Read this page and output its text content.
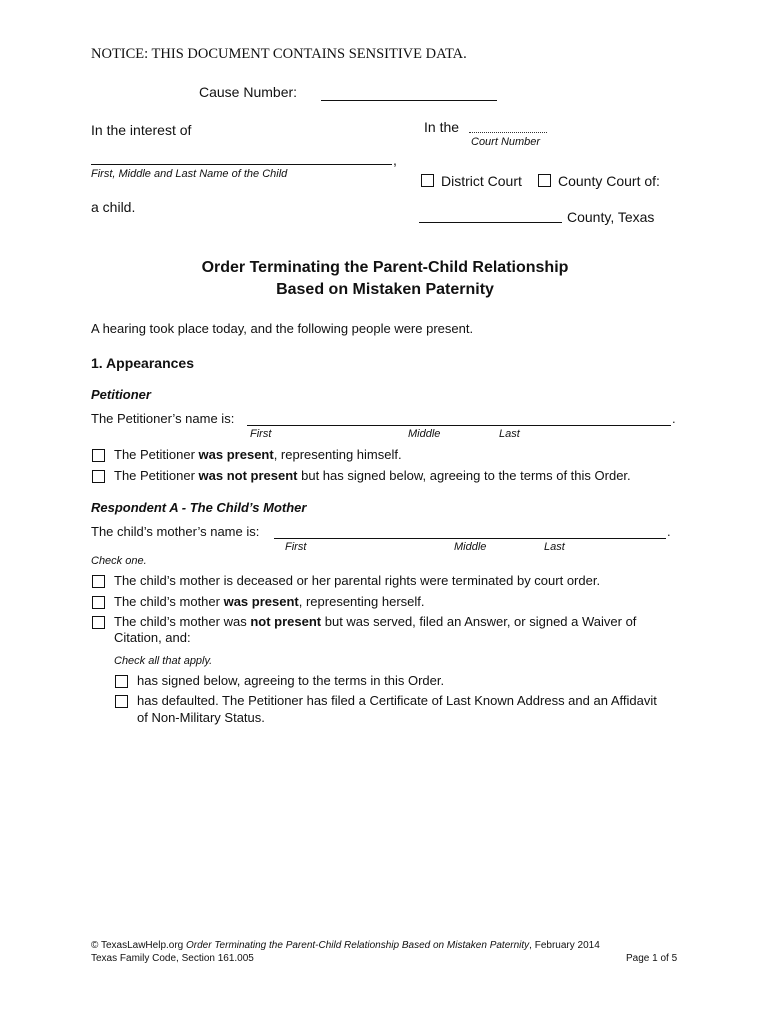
NOTICE: THIS DOCUMENT CONTAINS SENSITIVE DATA.
Cause Number:
In the interest of
,
First, Middle and Last Name of the Child
a child.
In the
Court Number
District Court	County Court of:
County, Texas
Order Terminating the Parent-Child Relationship
Based on Mistaken Paternity
A hearing took place today, and the following people were present.
1. Appearances
Petitioner
The Petitioner’s name is:	.
First	Middle	Last
The Petitioner was present, representing himself.
The Petitioner was not present but has signed below, agreeing to the terms of this Order.
Respondent A - The Child’s Mother
The child’s mother’s name is:	.
First	Middle	Last
Check one.
The child’s mother is deceased or her parental rights were terminated by court order.
The child’s mother was present, representing herself.
The child’s mother was not present but was served, filed an Answer, or signed a Waiver of
Citation, and:
Check all that apply.
has signed below, agreeing to the terms in this Order.
has defaulted. The Petitioner has filed a Certificate of Last Known Address and an Affidavit
of Non-Military Status.
© TexasLawHelp.org Order Terminating the Parent-Child Relationship Based on Mistaken Paternity, February 2014
Texas Family Code, Section 161.005	Page 1 of 5
